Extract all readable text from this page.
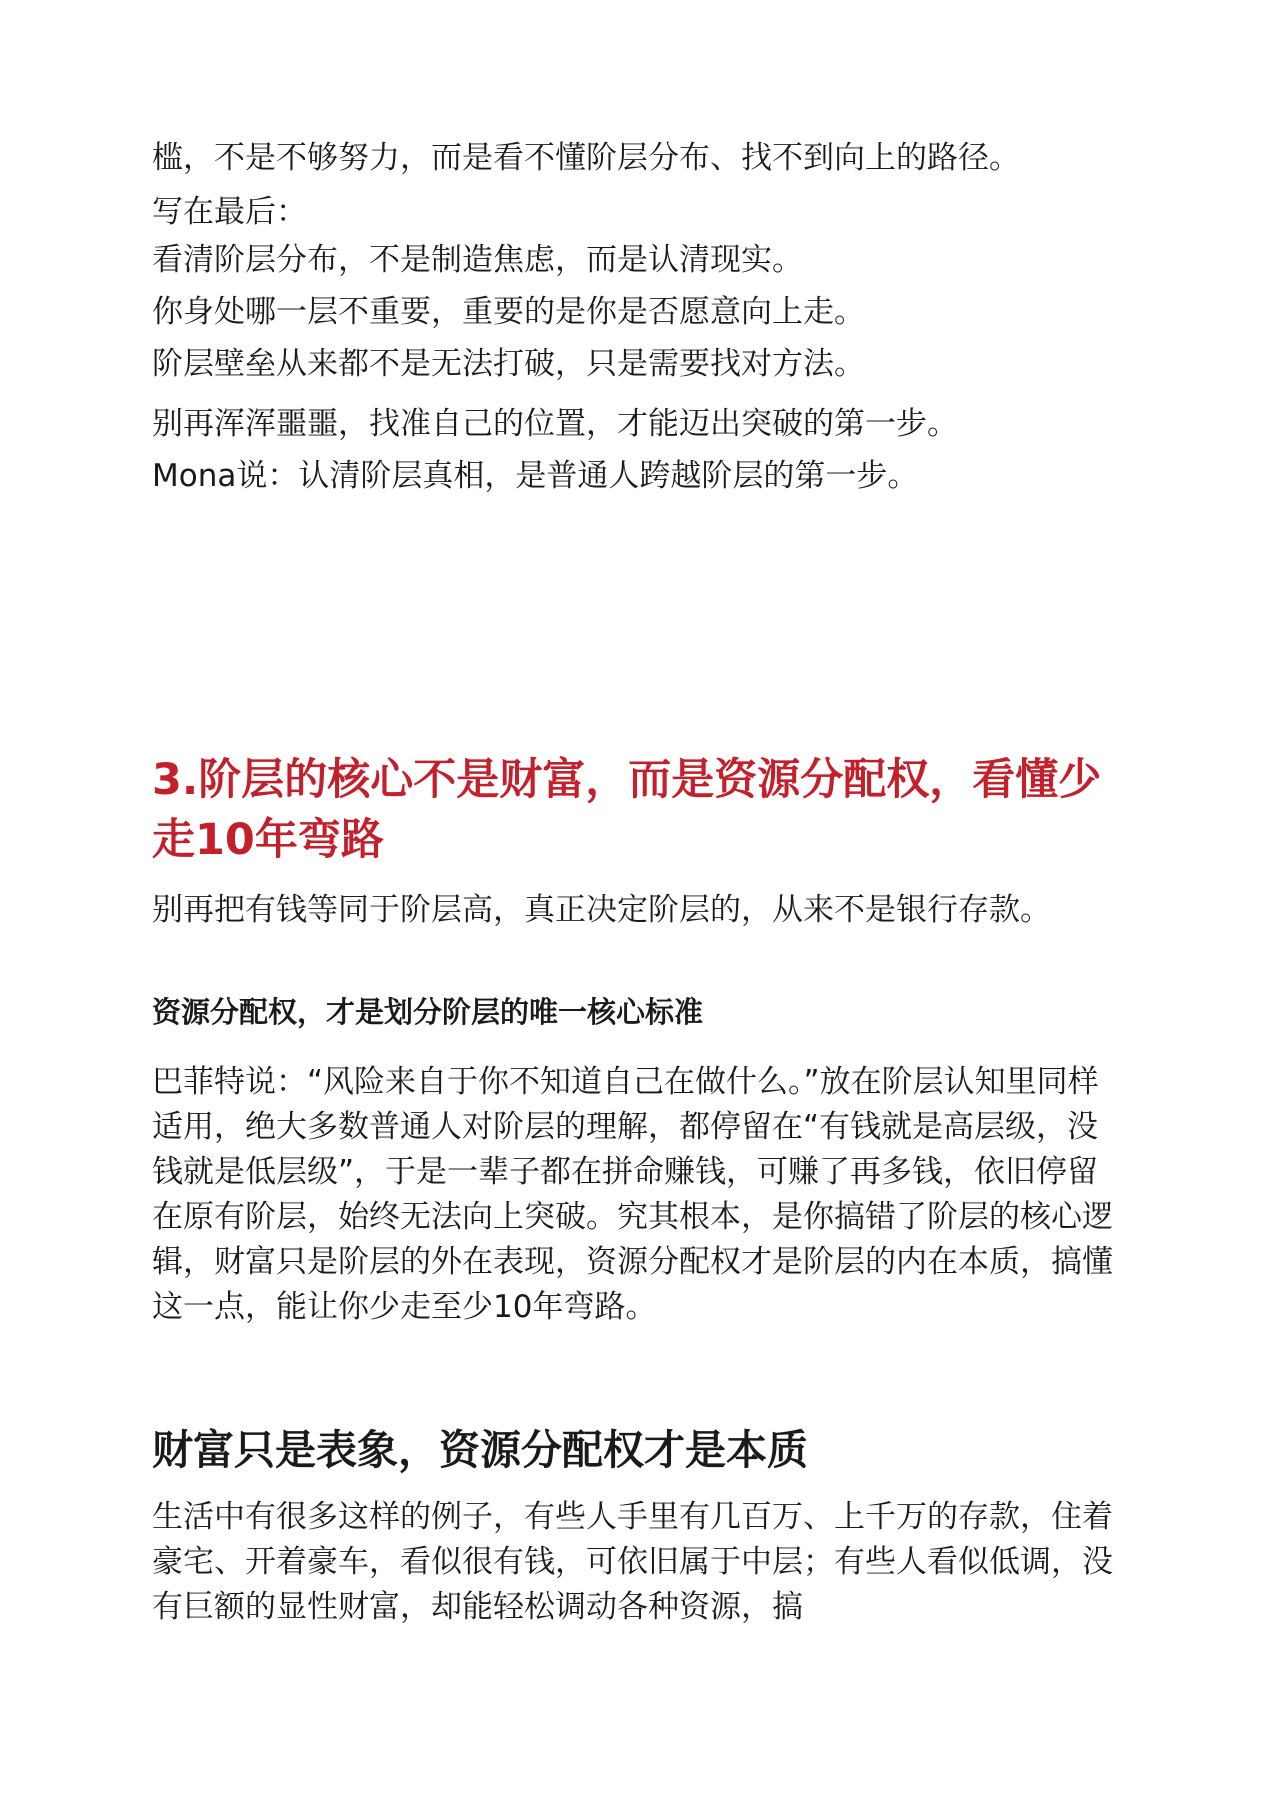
槛，不是不够努力，而是看不懂阶层分布、找不到向上的路径。

写在最后：

看清阶层分布，不是制造焦虑，而是认清现实。

你身处哪一层不重要，重要的是你是否愿意向上走。

阶层壁垒从来都不是无法打破，只是需要找对方法。

别再浑浑噩噩，找准自己的位置，才能迈出突破的第一步。

Mona说：认清阶层真相，是普通人跨越阶层的第一步。

3.阶层的核心不是财富，而是资源分配权，看懂少走10年弯路

别再把有钱等同于阶层高，真正决定阶层的，从来不是银行存款。

资源分配权，才是划分阶层的唯一核心标准

巴菲特说：“风险来自于你不知道自己在做什么。”放在阶层认知里同样适用，绝大多数普通人对阶层的理解，都停留在“有钱就是高层级，没钱就是低层级”，于是一辈子都在拼命赚钱，可赚了再多钱，依旧停留在原有阶层，始终无法向上突破。究其根本，是你搞错了阶层的核心逻辑，财富只是阶层的外在表现，资源分配权才是阶层的内在本质，搞懂这一点，能让你少走至少10年弯路。

财富只是表象，资源分配权才是本质

生活中有很多这样的例子，有些人手里有几百万、上千万的存款，住着豪宅、开着豪车，看似很有钱，可依旧属于中层；有些人看似低调，没有巨额的显性财富，却能轻松调动各种资源，搞
